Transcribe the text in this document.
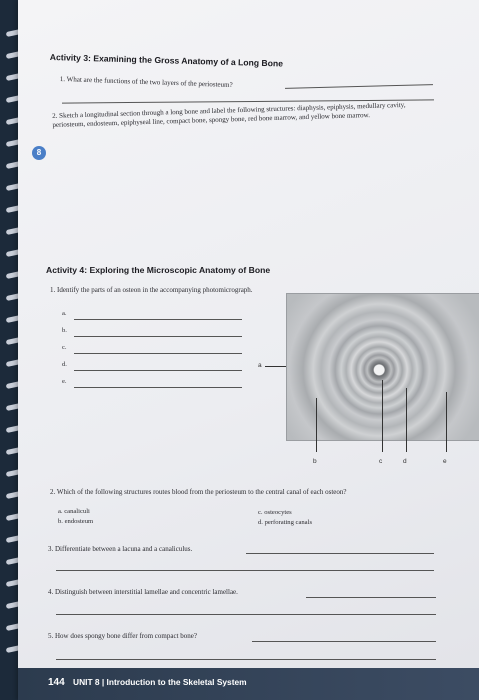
8
Activity 3: Examining the Gross Anatomy of a Long Bone
1. What are the functions of the two layers of the periosteum?
2. Sketch a longitudinal section through a long bone and label the following structures: diaphysis, epiphysis, medullary cavity, periosteum, endosteum, epiphyseal line, compact bone, spongy bone, red bone marrow, and yellow bone marrow.
Activity 4: Exploring the Microscopic Anatomy of Bone
1. Identify the parts of an osteon in the accompanying photomicrograph.
a.
b.
c.
d.
e.
a
b	c	d	e
2. Which of the following structures routes blood from the periosteum to the central canal of each osteon?
a. canaliculi
b. endosteum
c. osteocytes
d. perforating canals
3. Differentiate between a lacuna and a canaliculus.
4. Distinguish between interstitial lamellae and concentric lamellae.
5. How does spongy bone differ from compact bone?
144 UNIT 8 | Introduction to the Skeletal System
